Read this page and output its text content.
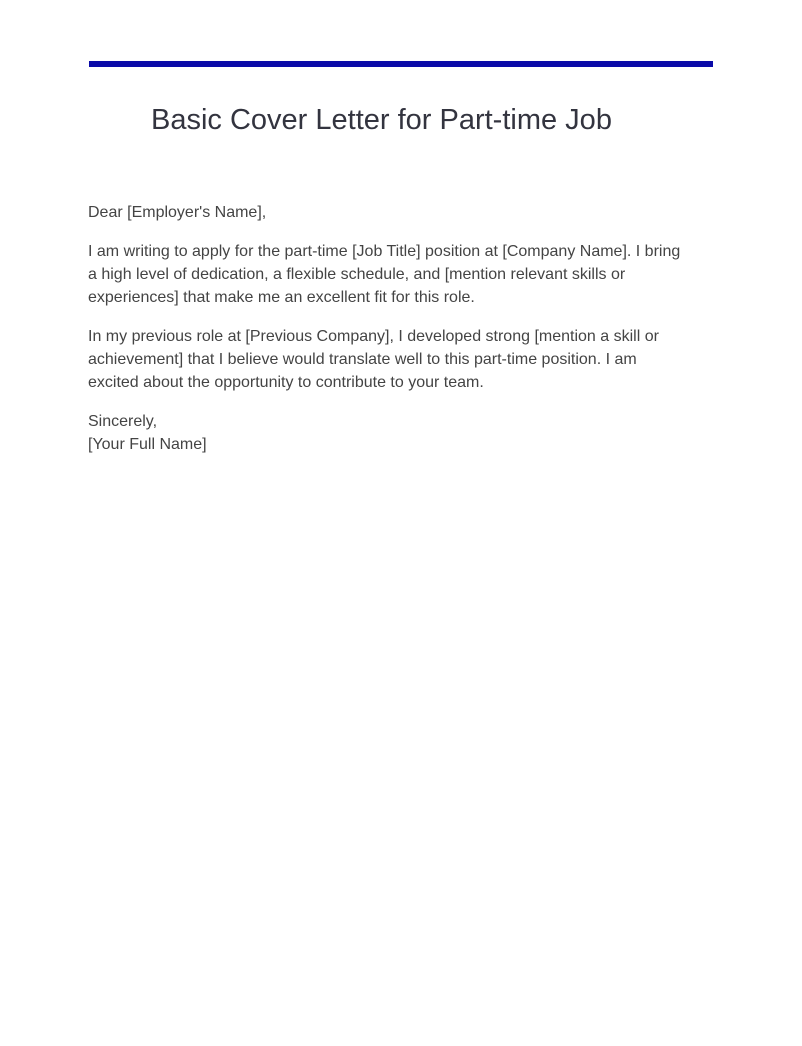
Basic Cover Letter for Part-time Job

Dear [Employer's Name],

I am writing to apply for the part-time [Job Title] position at [Company Name]. I bring
a high level of dedication, a flexible schedule, and [mention relevant skills or
experiences] that make me an excellent fit for this role.

In my previous role at [Previous Company], I developed strong [mention a skill or
achievement] that I believe would translate well to this part-time position. I am
excited about the opportunity to contribute to your team.

Sincerely,
[Your Full Name]
